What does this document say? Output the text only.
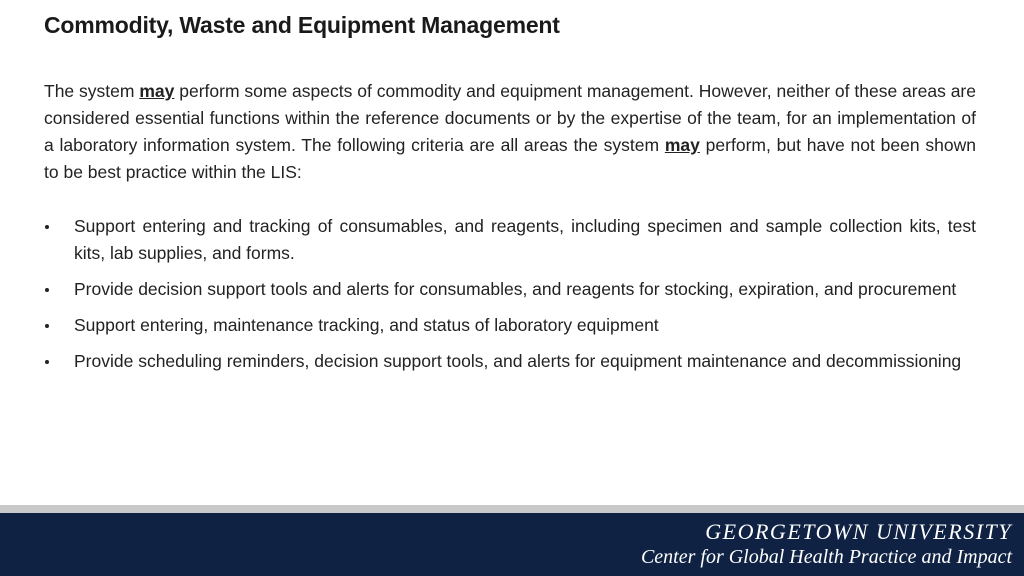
Commodity, Waste and Equipment Management
The system may perform some aspects of commodity and equipment management. However, neither of these areas are considered essential functions within the reference documents or by the expertise of the team, for an implementation of a laboratory information system. The following criteria are all areas the system may perform, but have not been shown to be best practice within the LIS:
Support entering and tracking of consumables, and reagents, including specimen and sample collection kits, test kits, lab supplies, and forms.
Provide decision support tools and alerts for consumables, and reagents for stocking, expiration, and procurement
Support entering, maintenance tracking, and status of laboratory equipment
Provide scheduling reminders, decision support tools, and alerts for equipment maintenance and decommissioning
GEORGETOWN UNIVERSITY
Center for Global Health Practice and Impact
